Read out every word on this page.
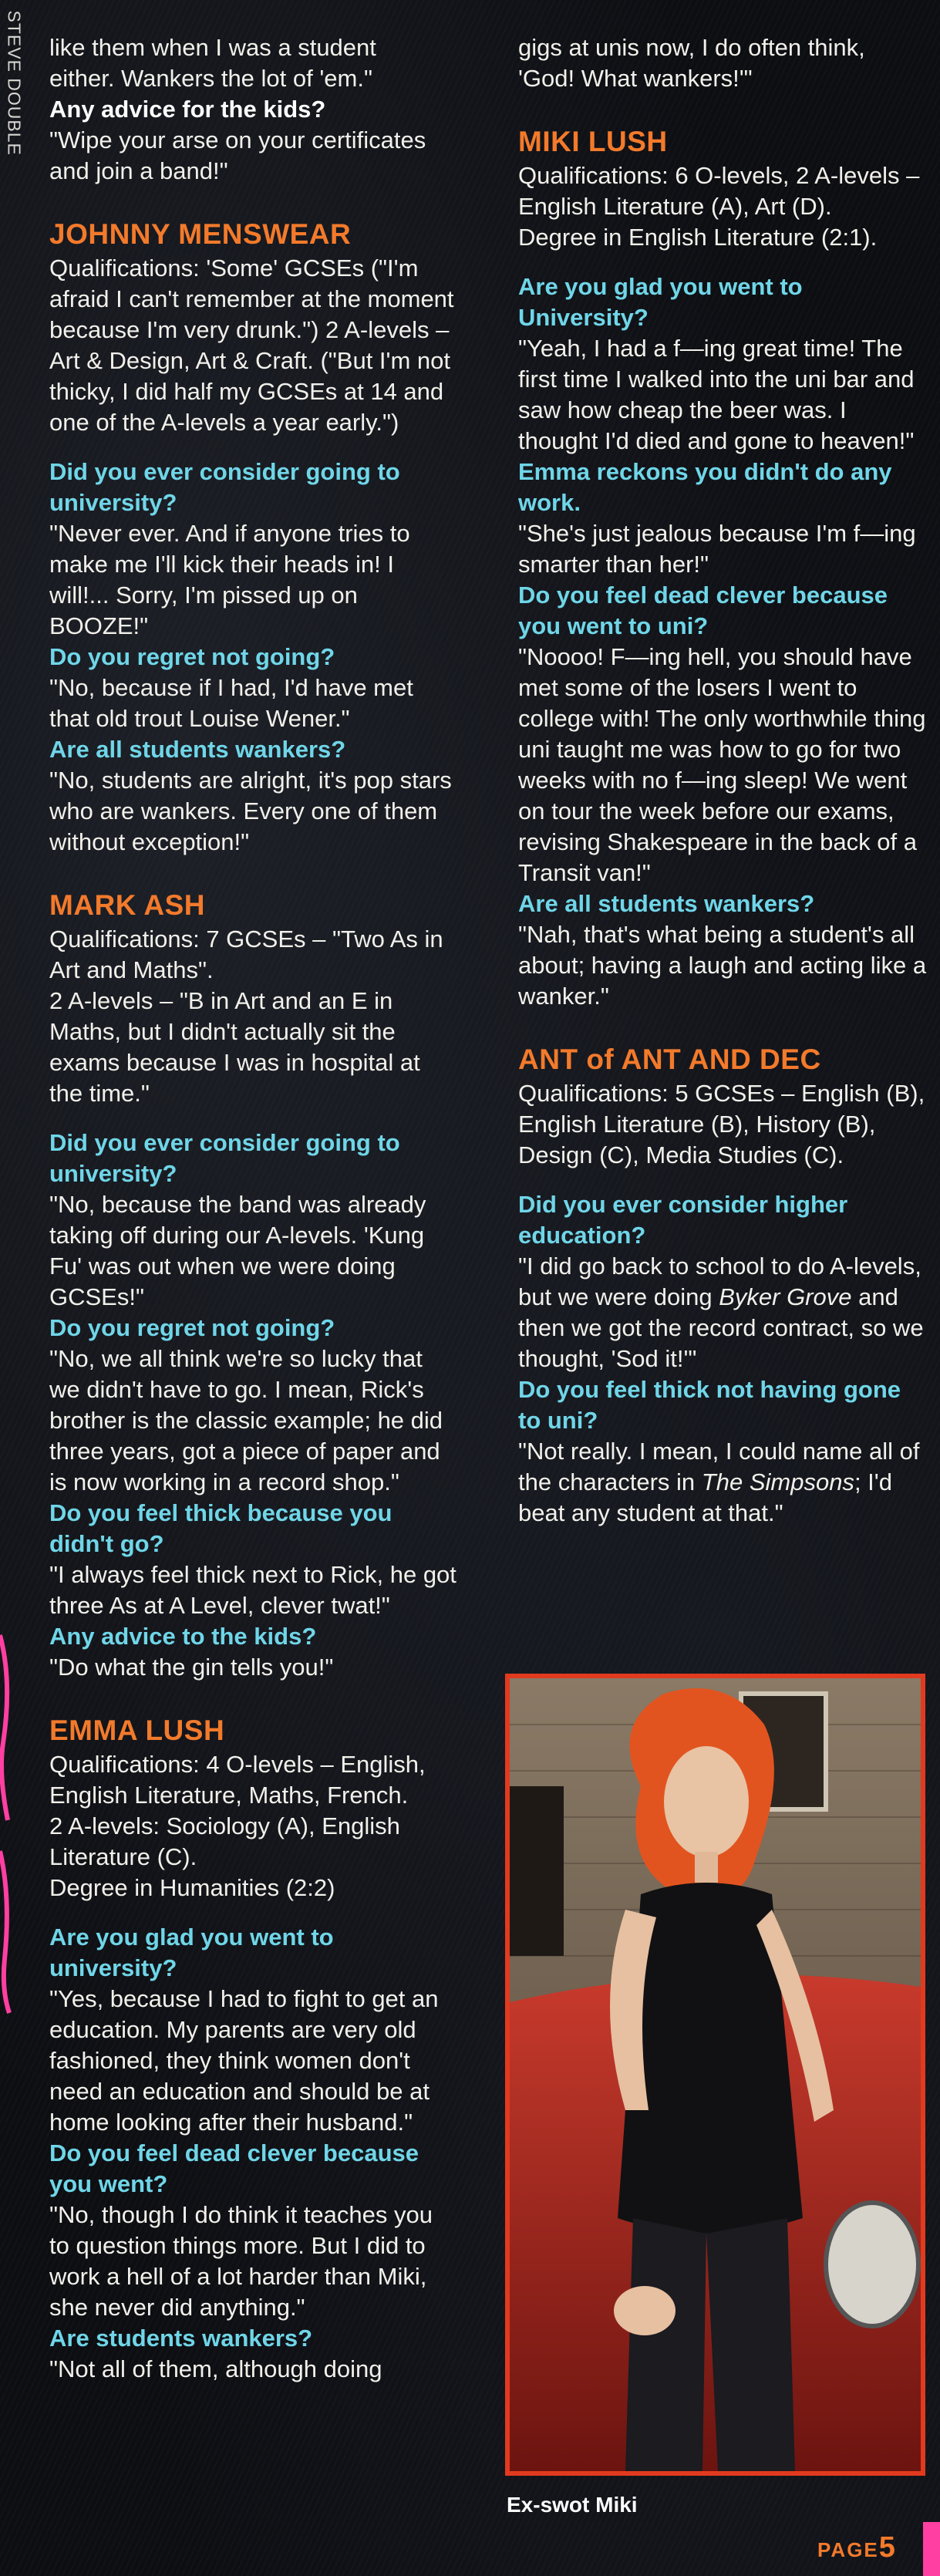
STEVE DOUBLE like them when I was a student

either. Wankers the lot of 'em."

Any advice for the kids?

"Wipe your arse on your certificates and join a band!"

JOHNNY MENSWEAR

Qualifications: 'Some' GCSEs ("I'm afraid I can't remember at the moment because I'm very drunk.") 2 A-levels – Art & Design, Art & Craft. ("But I'm not thicky, I did half my GCSEs at 14 and one of the A-levels a year early.")

Did you ever consider going to university?

"Never ever. And if anyone tries to make me I'll kick their heads in! I will!... Sorry, I'm pissed up on BOOZE!"

Do you regret not going?

"No, because if I had, I'd have met that old trout Louise Wener."

Are all students wankers?

"No, students are alright, it's pop stars who are wankers. Every one of them without exception!"

MARK ASH

Qualifications: 7 GCSEs – "Two As in Art and Maths".

2 A-levels – "B in Art and an E in Maths, but I didn't actually sit the exams because I was in hospital at the time."

Did you ever consider going to university?

"No, because the band was already taking off during our A-levels. 'Kung Fu' was out when we were doing GCSEs!"

Do you regret not going?

"No, we all think we're so lucky that we didn't have to go. I mean, Rick's brother is the classic example; he did three years, got a piece of paper and is now working in a record shop."

Do you feel thick because you didn't go?

"I always feel thick next to Rick, he got three As at A Level, clever twat!"

Any advice to the kids?

"Do what the gin tells you!"

EMMA LUSH

Qualifications: 4 O-levels – English, English Literature, Maths, French.

2 A-levels: Sociology (A), English Literature (C).

Degree in Humanities (2:2)

Are you glad you went to university?

"Yes, because I had to fight to get an education. My parents are very old fashioned, they think women don't need an education and should be at home looking after their husband."

Do you feel dead clever because you went?

"No, though I do think it teaches you to question things more. But I did to work a hell of a lot harder than Miki, she never did anything."

Are students wankers?

"Not all of them, although doing

gigs at unis now, I do often think, 'God! What wankers!'"

MIKI LUSH

Qualifications: 6 O-levels, 2 A-levels – English Literature (A), Art (D).

Degree in English Literature (2:1).

Are you glad you went to University?

"Yeah, I had a f—ing great time! The first time I walked into the uni bar and saw how cheap the beer was. I thought I'd died and gone to heaven!"

Emma reckons you didn't do any work.

"She's just jealous because I'm f—ing smarter than her!"

Do you feel dead clever because you went to uni?

"Noooo! F—ing hell, you should have met some of the losers I went to college with! The only worthwhile thing uni taught me was how to go for two weeks with no f—ing sleep! We went on tour the week before our exams, revising Shakespeare in the back of a Transit van!"

Are all students wankers?

"Nah, that's what being a student's all about; having a laugh and acting like a wanker."

ANT of ANT AND DEC

Qualifications: 5 GCSEs – English (B), English Literature (B), History (B), Design (C), Media Studies (C).

Did you ever consider higher education?

"I did go back to school to do A-levels, but we were doing Byker Grove and then we got the record contract, so we thought, 'Sod it!'"

Do you feel thick not having gone to uni?

"Not really. I mean, I could name all of the characters in The Simpsons; I'd beat any student at that."

Ex-swot Miki
PAGE5
